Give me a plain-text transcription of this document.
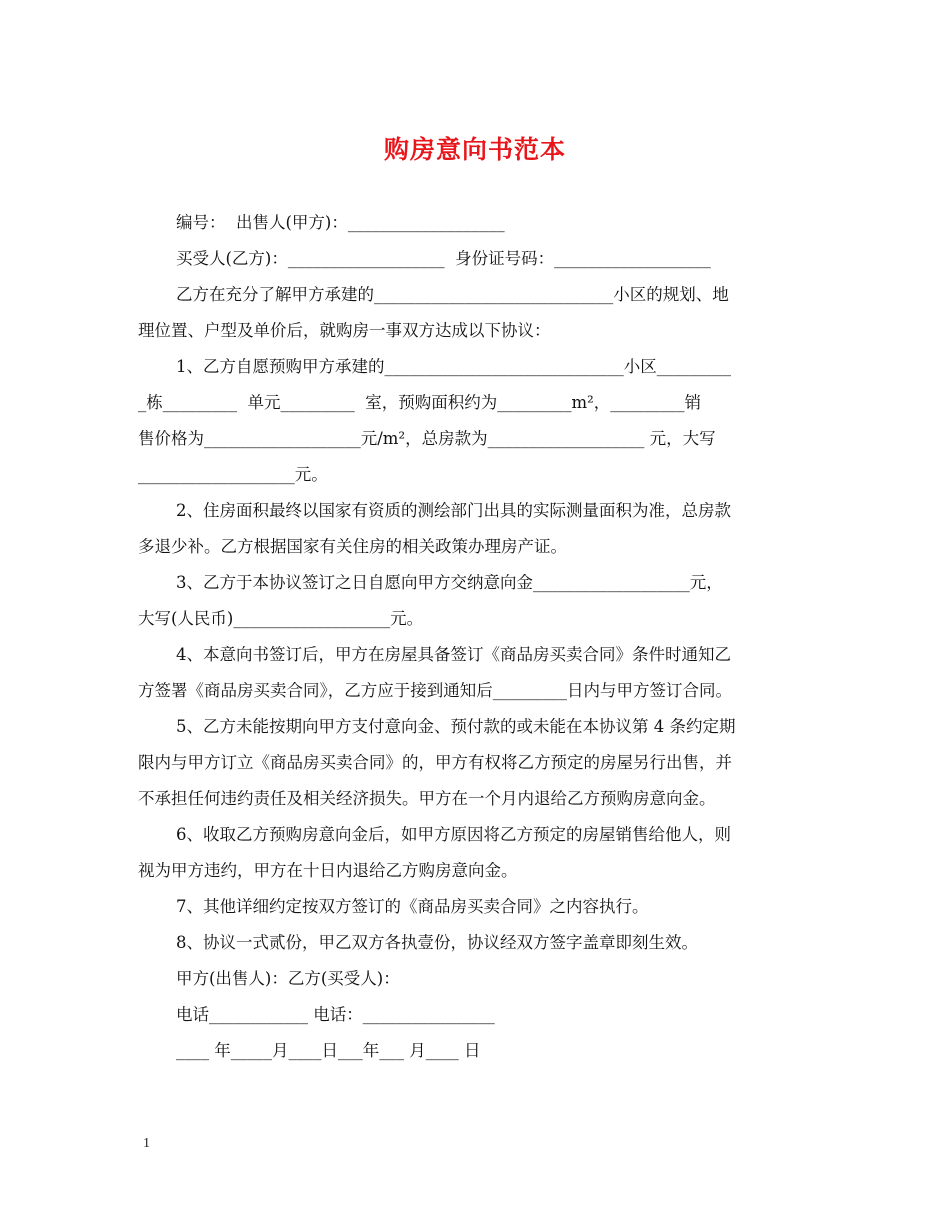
购房意向书范本
编号：  出售人(甲方)：___________________
买受人(乙方)：___________________  身份证号码：___________________
乙方在充分了解甲方承建的_____________________________小区的规划、地
理位置、户型及单价后，就购房一事双方达成以下协议：
1、乙方自愿预购甲方承建的_____________________________小区_________
_栋_________  单元_________  室，预购面积约为_________m²，_________销
售价格为___________________元/m²，总房款为___________________ 元，大写
___________________元。
2、住房面积最终以国家有资质的测绘部门出具的实际测量面积为准，总房款
多退少补。乙方根据国家有关住房的相关政策办理房产证。
3、乙方于本协议签订之日自愿向甲方交纳意向金___________________元，
大写(人民币)___________________元。
4、本意向书签订后，甲方在房屋具备签订《商品房买卖合同》条件时通知乙
方签署《商品房买卖合同》，乙方应于接到通知后_________日内与甲方签订合同。
5、乙方未能按期向甲方支付意向金、预付款的或未能在本协议第 4 条约定期
限内与甲方订立《商品房买卖合同》的，甲方有权将乙方预定的房屋另行出售，并
不承担任何违约责任及相关经济损失。甲方在一个月内退给乙方预购房意向金。
6、收取乙方预购房意向金后，如甲方原因将乙方预定的房屋销售给他人，则
视为甲方违约，甲方在十日内退给乙方购房意向金。
7、其他详细约定按双方签订的《商品房买卖合同》之内容执行。
8、协议一式贰份，甲乙双方各执壹份，协议经双方签字盖章即刻生效。
甲方(出售人)：乙方(买受人)：
电话____________ 电话：________________
____ 年_____月____日___年___ 月____ 日
1
